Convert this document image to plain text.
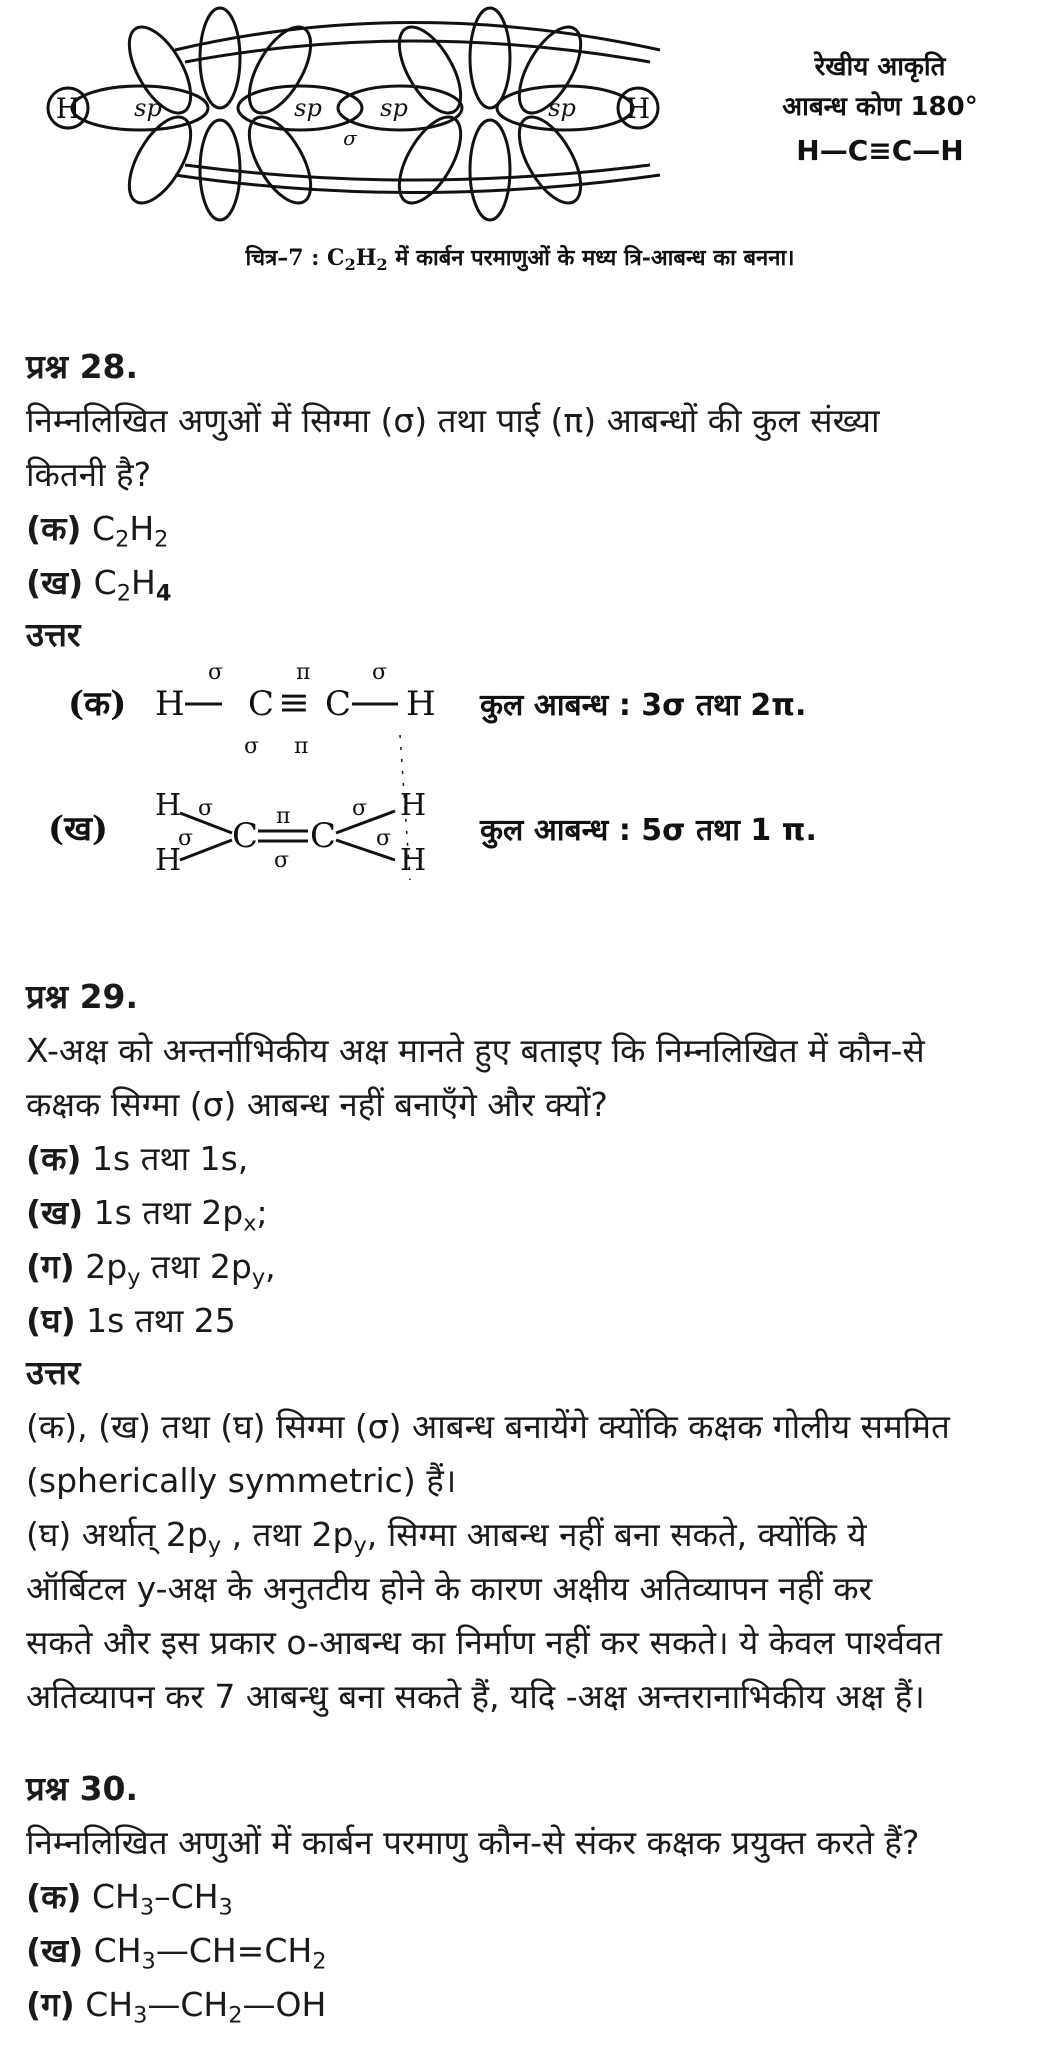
sp	sp sp	sp
σ
H	H
रेखीय आकृति
आबन्ध कोण 180°
H—C≡C—H
चित्र–7 : $C_2H_2$ में कार्बन परमाणुओं के मध्य त्रि-आबन्ध का बनना।
प्रश्न 28.
निम्नलिखित अणुओं में सिग्मा (σ) तथा पाई (π) आबन्धों की कुल संख्या
कितनी है?
(क) $C_2H_2$
(ख) $C_2H_4$
उत्तर
(क) H C ≡ C H
σ	π	σ
σ π
कुल आबन्ध : 3σ तथा 2π.
(ख)
H
H
C C
H
H
σ
σ
π
σ
σ
σ	कुल आबन्ध : 5σ तथा 1 π.
प्रश्न 29.
X-अक्ष को अन्तर्नाभिकीय अक्ष मानते हुए बताइए कि निम्नलिखित में कौन-से
कक्षक सिग्मा (σ) आबन्ध नहीं बनाएँगे और क्यों?
(क) 1s तथा 1s,
(ख) 1s तथा $2p_x$;
(ग) $2p_y$ तथा $2p_y$,
(घ) 1s तथा 25
उत्तर
(क), (ख) तथा (घ) सिग्मा (σ) आबन्ध बनायेंगे क्योंकि कक्षक गोलीय सममित
(spherically symmetric) हैं।
(घ) अर्थात् $2p_y$ , तथा $2p_y$, सिग्मा आबन्ध नहीं बना सकते, क्योंकि ये
ऑर्बिटल y-अक्ष के अनुतटीय होने के कारण अक्षीय अतिव्यापन नहीं कर
सकते और इस प्रकार o-आबन्ध का निर्माण नहीं कर सकते। ये केवल पार्श्ववत
अतिव्यापन कर 7 आबन्धु बना सकते हैं, यदि -अक्ष अन्तरानाभिकीय अक्ष हैं।
प्रश्न 30.
निम्नलिखित अणुओं में कार्बन परमाणु कौन-से संकर कक्षक प्रयुक्त करते हैं?
(क) $CH_3-CH_3$
(ख) $CH_3—CH=CH_2$
(ग) $CH_3—CH_2—OH$
